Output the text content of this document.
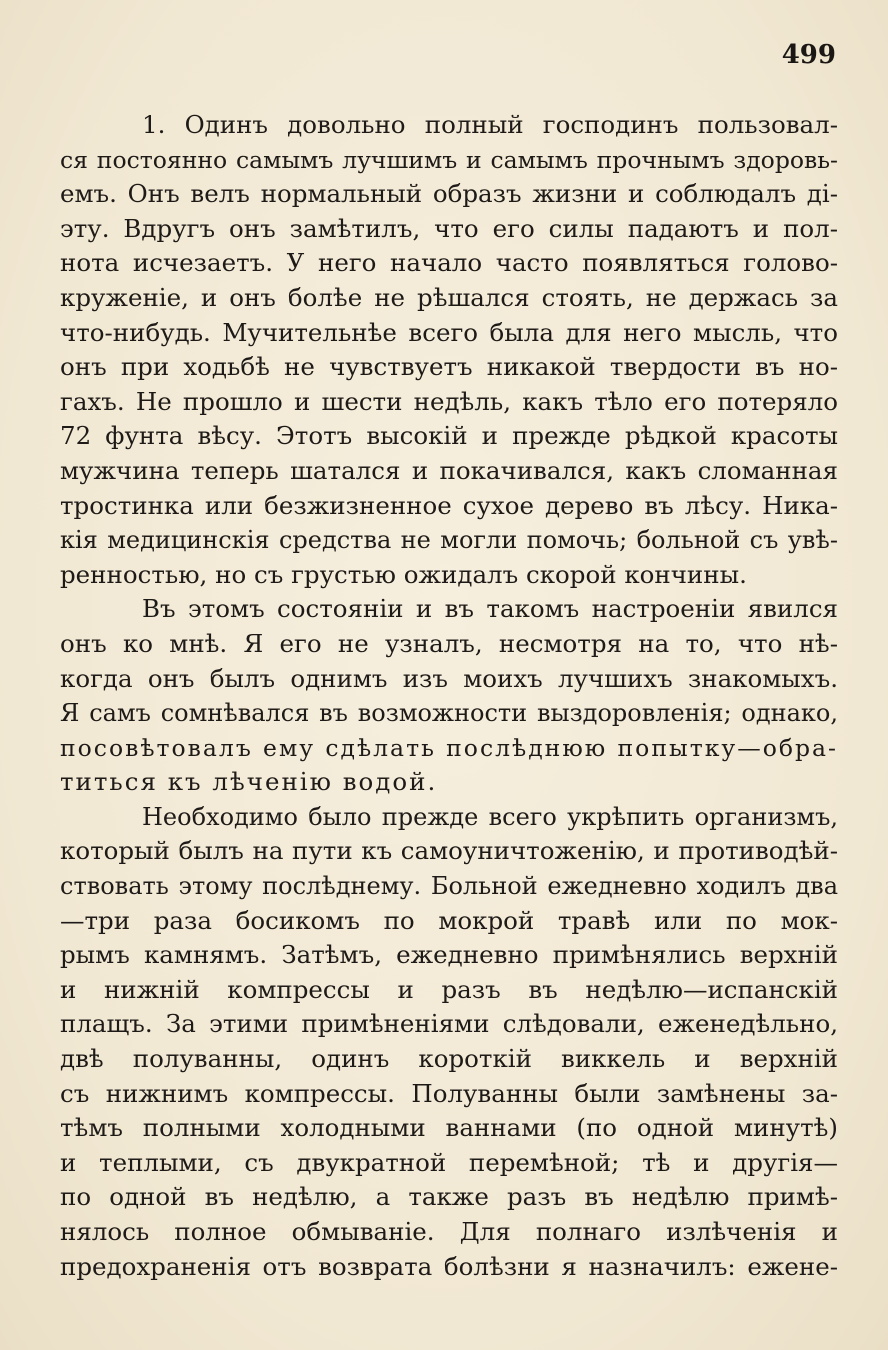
499
1. Одинъ довольно полный господинъ пользовал-
ся постоянно самымъ лучшимъ и самымъ прочнымъ здоровь-
емъ. Онъ велъ нормальный образъ жизни и соблюдалъ ді-
эту. Вдругъ онъ замѣтилъ, что его силы падаютъ и пол-
нота исчезаетъ. У него начало часто появляться голово-
круженіе, и онъ болѣе не рѣшался стоять, не держась за
что-нибудь. Мучительнѣе всего была для него мысль, что
онъ при ходьбѣ не чувствуетъ никакой твердости въ но-
гахъ. Не прошло и шести недѣль, какъ тѣло его потеряло
72 фунта вѣсу. Этотъ высокій и прежде рѣдкой красоты
мужчина теперь шатался и покачивался, какъ сломанная
тростинка или безжизненное сухое дерево въ лѣсу. Никa-
кія медицинскія средства не могли помочь; больной съ увѣ-
ренностью, но съ грустью ожидалъ скорой кончины.
Въ этомъ состояніи и въ такомъ настроеніи явился
онъ ко мнѣ. Я его не узналъ, несмотря на то, что нѣ-
когда онъ былъ однимъ изъ моихъ лучшихъ знакомыхъ.
Я самъ сомнѣвался въ возможности выздоровленія; однако,
посовѣтовалъ ему сдѣлать послѣднюю попытку—обра-
титься къ лѣченію водой.
Необходимо было прежде всего укрѣпить организмъ,
который былъ на пути къ самоуничтоженію, и противодѣй-
ствовать этому послѣднему. Больной ежедневно ходилъ два
—три раза босикомъ по мокрой травѣ или по мок-
рымъ камнямъ. Затѣмъ, ежедневно примѣнялись верхній
и нижній компрессы и разъ въ недѣлю—испанскій
плащъ. За этими примѣненіями слѣдовали, еженедѣльно,
двѣ полуванны, одинъ короткій виккель и верхній
съ нижнимъ компрессы. Полуванны были замѣнены за-
тѣмъ полными холодными ваннами (по одной минутѣ)
и теплыми, съ двукратной перемѣной; тѣ и другія—
по одной въ недѣлю, а также разъ въ недѣлю примѣ-
нялось полное обмываніе. Для полнаго излѣченія и
предохраненія отъ возврата болѣзни я назначилъ: ежене-
